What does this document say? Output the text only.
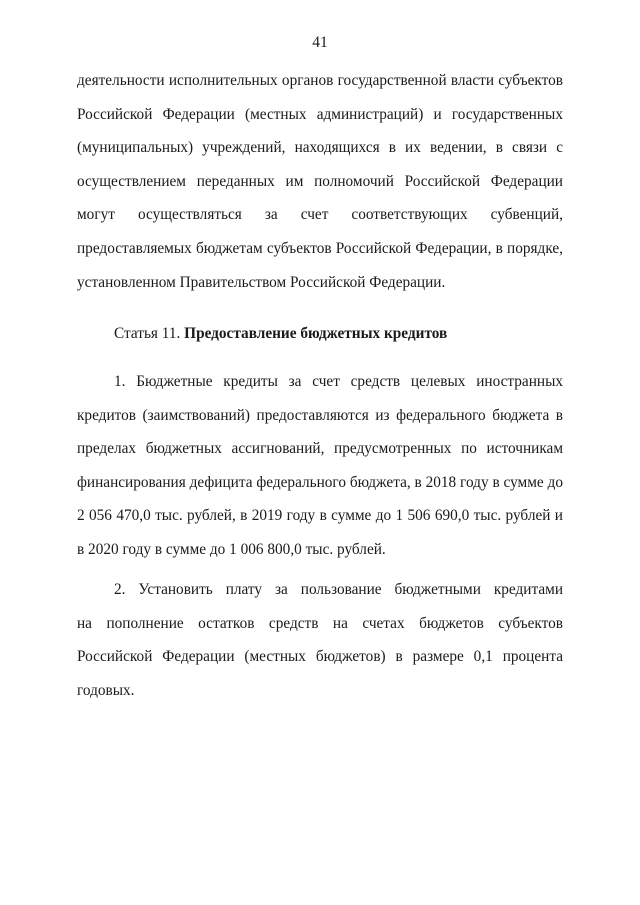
41
деятельности исполнительных органов государственной власти субъектов
Российской Федерации (местных администраций) и государственных
(муниципальных) учреждений, находящихся в их ведении, в связи с
осуществлением переданных им полномочий Российской Федерации
могут осуществляться за счет соответствующих субвенций,
предоставляемых бюджетам субъектов Российской Федерации, в порядке,
установленном Правительством Российской Федерации.
Статья 11. Предоставление бюджетных кредитов
1. Бюджетные кредиты за счет средств целевых иностранных
кредитов (заимствований) предоставляются из федерального бюджета в
пределах бюджетных ассигнований, предусмотренных по источникам
финансирования дефицита федерального бюджета, в 2018 году в сумме до
2 056 470,0 тыс. рублей, в 2019 году в сумме до 1 506 690,0 тыс. рублей и
в 2020 году в сумме до 1 006 800,0 тыс. рублей.
2. Установить плату за пользование бюджетными кредитами
на пополнение остатков средств на счетах бюджетов субъектов
Российской Федерации (местных бюджетов) в размере 0,1 процента
годовых.
